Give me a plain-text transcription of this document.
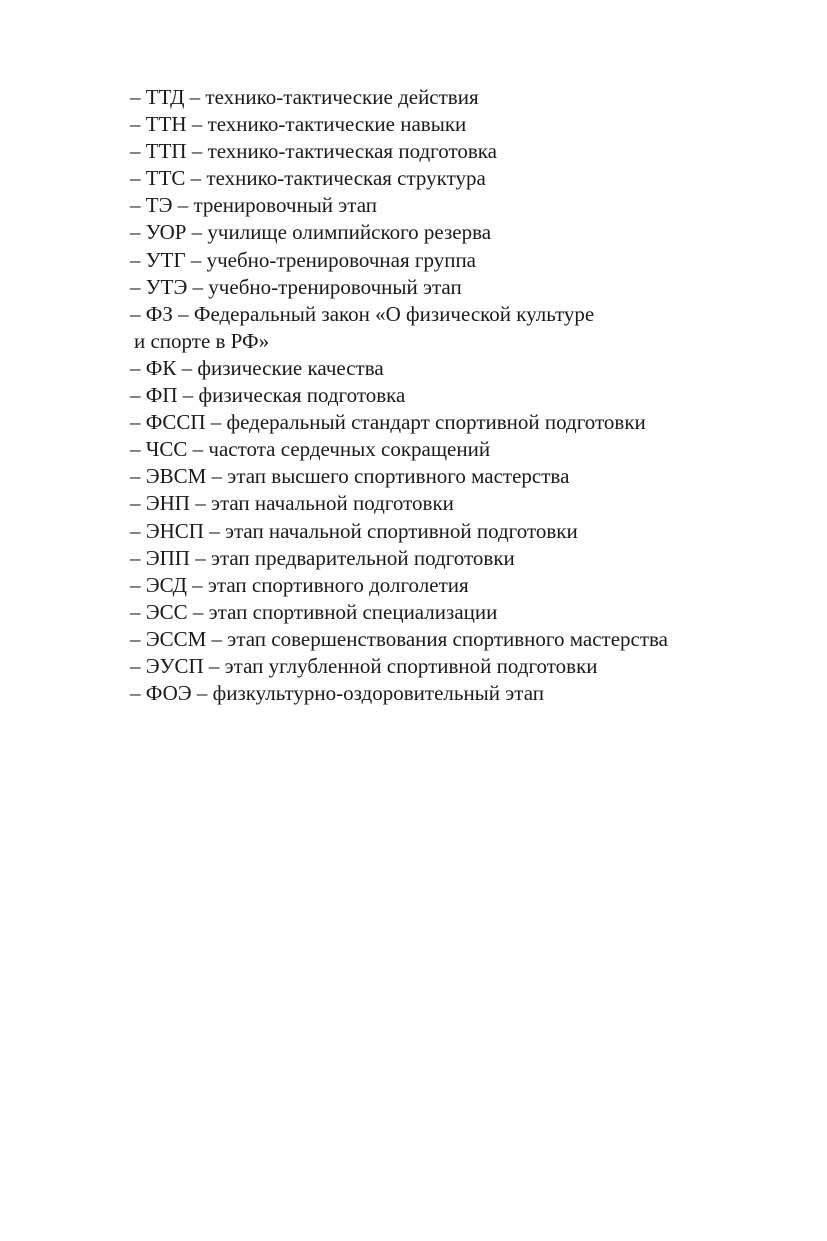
– ТТД – технико-тактические действия
– ТТН – технико-тактические навыки
– ТТП – технико-тактическая подготовка
– ТТС – технико-тактическая структура
– ТЭ – тренировочный этап
– УОР – училище олимпийского резерва
– УТГ – учебно-тренировочная группа
– УТЭ – учебно-тренировочный этап
– ФЗ – Федеральный закон «О физической культуре
и спорте в РФ»
– ФК – физические качества
– ФП – физическая подготовка
– ФССП – федеральный стандарт спортивной подготовки
– ЧСС – частота сердечных сокращений
– ЭВСМ – этап высшего спортивного мастерства
– ЭНП – этап начальной подготовки
– ЭНСП – этап начальной спортивной подготовки
– ЭПП – этап предварительной подготовки
– ЭСД – этап спортивного долголетия
– ЭСС – этап спортивной специализации
– ЭССМ – этап совершенствования спортивного мастерства
– ЭУСП – этап углубленной спортивной подготовки
– ФОЭ – физкультурно-оздоровительный этап
